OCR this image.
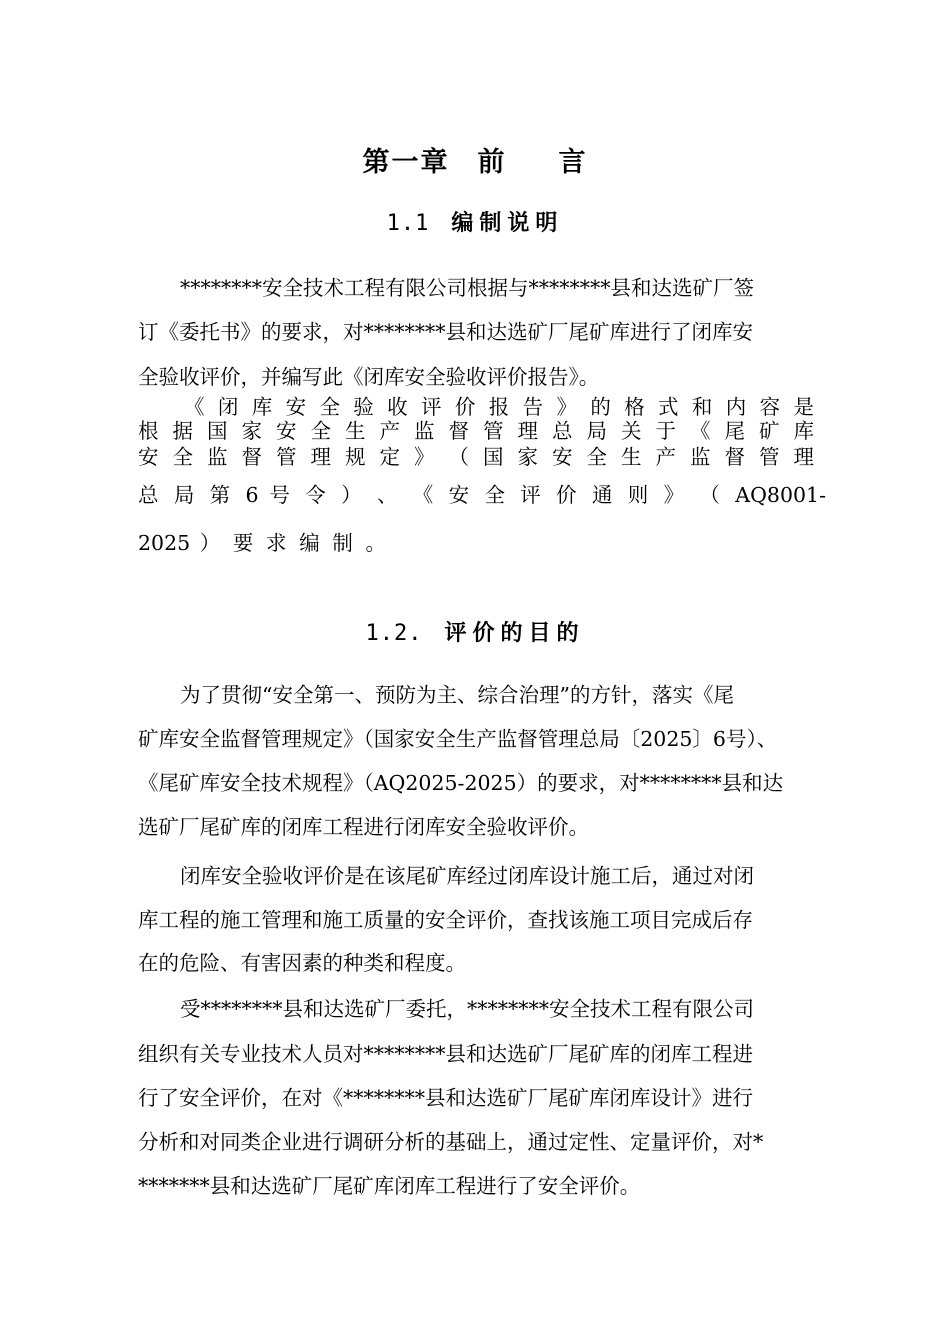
第一章 前 言
1.1 编制说明
********安全技术工程有限公司根据与********县和达选矿厂签
订《委托书》的要求，对********县和达选矿厂尾矿库进行了闭库安
全验收评价，并编写此《闭库安全验收评价报告》。
《 闭 库 安 全 验 收 评 价 报 告 》 的 格 式 和 内 容 是
根 据 国 家 安 全 生 产 监 督 管 理 总 局 关 于 《 尾 矿 库
安 全 监 督 管 理 规 定 》 （ 国 家 安 全 生 产 监 督 管 理
总 局 第 6 号 令 ） 、 《 安 全 评 价 通 则 》 （ AQ8001-
2025 ） 要 求 编 制 。
1.2. 评价的目的
为了贯彻“安全第一、预防为主、综合治理”的方针，落实《尾
矿库安全监督管理规定》（国家安全生产监督管理总局〔2025〕6号）、
《尾矿库安全技术规程》（AQ2025-2025）的要求，对********县和达
选矿厂尾矿库的闭库工程进行闭库安全验收评价。
闭库安全验收评价是在该尾矿库经过闭库设计施工后，通过对闭
库工程的施工管理和施工质量的安全评价，查找该施工项目完成后存
在的危险、有害因素的种类和程度。
受********县和达选矿厂委托，********安全技术工程有限公司
组织有关专业技术人员对********县和达选矿厂尾矿库的闭库工程进
行了安全评价，在对《********县和达选矿厂尾矿库闭库设计》进行
分析和对同类企业进行调研分析的基础上，通过定性、定量评价，对*
*******县和达选矿厂尾矿库闭库工程进行了安全评价。
